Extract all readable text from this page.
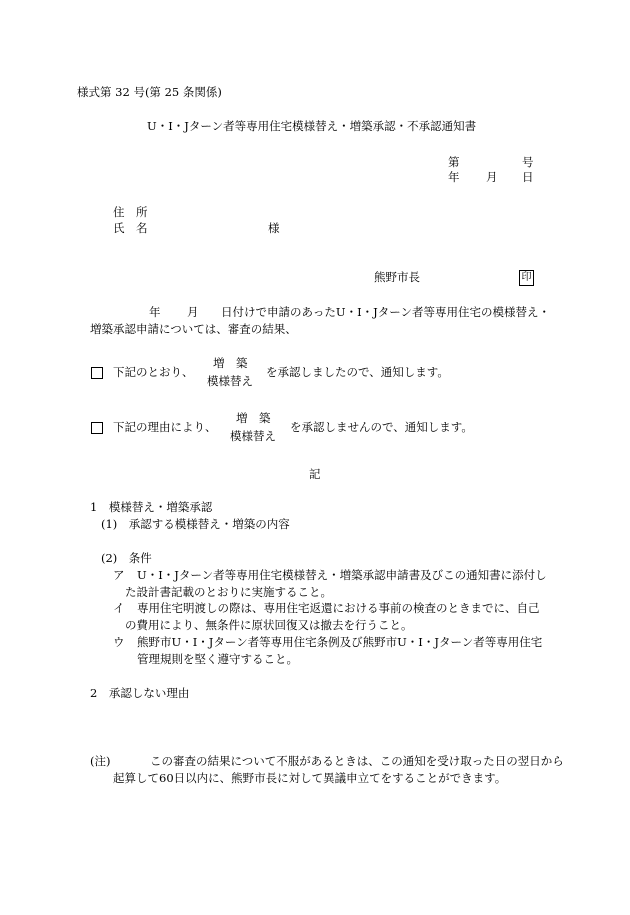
様式第 32 号(第 25 条関係)
U・I・Jターン者等専用住宅模様替え・増築承認・不承認通知書
第	号
年 月 日
住　所
氏　名	様
熊野市長	印
年 月 日付けで申請のあったU・I・Jターン者等専用住宅の模様替え・
増築承認申請については、審査の結果、
下記のとおり、
増　築
模様替え
を承認しましたので、通知します。
下記の理由により、
増　築
模様替え
を承認しませんので、通知します。
記
1　模様替え・増築承認
(1)　承認する模様替え・増築の内容
(2)　条件
ア U・I・Jターン者等専用住宅模様替え・増築承認申請書及びこの通知書に添付し
た設計書記載のとおりに実施すること。
イ 専用住宅明渡しの際は、専用住宅返還における事前の検査のときまでに、自己
の費用により、無条件に原状回復又は撤去を行うこと。
ウ 熊野市U・I・Jターン者等専用住宅条例及び熊野市U・I・Jターン者等専用住宅
管理規則を堅く遵守すること。
2　承認しない理由
(注)	この審査の結果について不服があるときは、この通知を受け取った日の翌日から
起算して60日以内に、熊野市長に対して異議申立てをすることができます。
